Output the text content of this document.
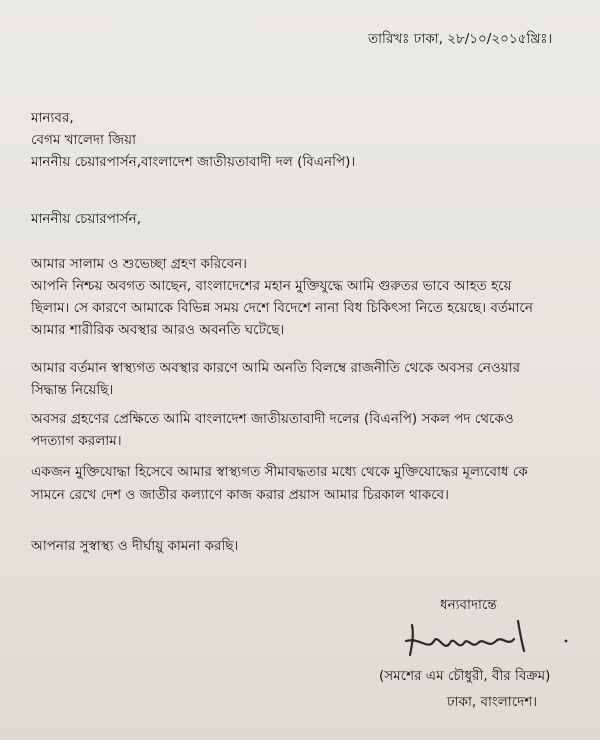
তারিখঃ ঢাকা, ২৮/১০/২০১৫খ্রিঃ।
মান্যবর,
বেগম খালেদা জিয়া
মাননীয় চেয়ারপার্সন,বাংলাদেশ জাতীয়তাবাদী দল (বিএনপি)।
মাননীয় চেয়ারপার্সন,
আমার সালাম ও শুভেচ্ছা গ্রহণ করিবেন।
আপনি নিশ্চয় অবগত আছেন, বাংলাদেশের মহান মুক্তিযুদ্ধে আমি গুরুতর ভাবে আহত হয়ে
ছিলাম। সে কারণে আমাকে বিভিন্ন সময় দেশে বিদেশে নানা বিধ চিকিৎসা নিতে হয়েছে। বর্তমানে
আমার শারীরিক অবস্থার আরও অবনতি ঘটেছে।
আমার বর্তমান স্বাস্থ্যগত অবস্থার কারণে আমি অনতি বিলম্বে রাজনীতি থেকে অবসর নেওয়ার
সিদ্ধান্ত নিয়েছি।
অবসর গ্রহণের প্রেক্ষিতে আমি বাংলাদেশ জাতীয়তাবাদী দলের (বিএনপি) সকল পদ থেকেও
পদত্যাগ করলাম।
একজন মুক্তিযোদ্ধা হিসেবে আমার স্বাস্থ্যগত সীমাবদ্ধতার মধ্যে থেকে মুক্তিযোদ্ধের মূল্যবোধ কে
সামনে রেখে দেশ ও জাতীর কল্যাণে কাজ করার প্রয়াস আমার চিরকাল থাকবে।
আপনার সুস্বাস্থ্য ও দীর্ঘায়ু কামনা করছি।
ধন্যবাদান্তে
(সমশের এম চৌধুরী, বীর বিক্রম)
ঢাকা, বাংলাদেশ।
